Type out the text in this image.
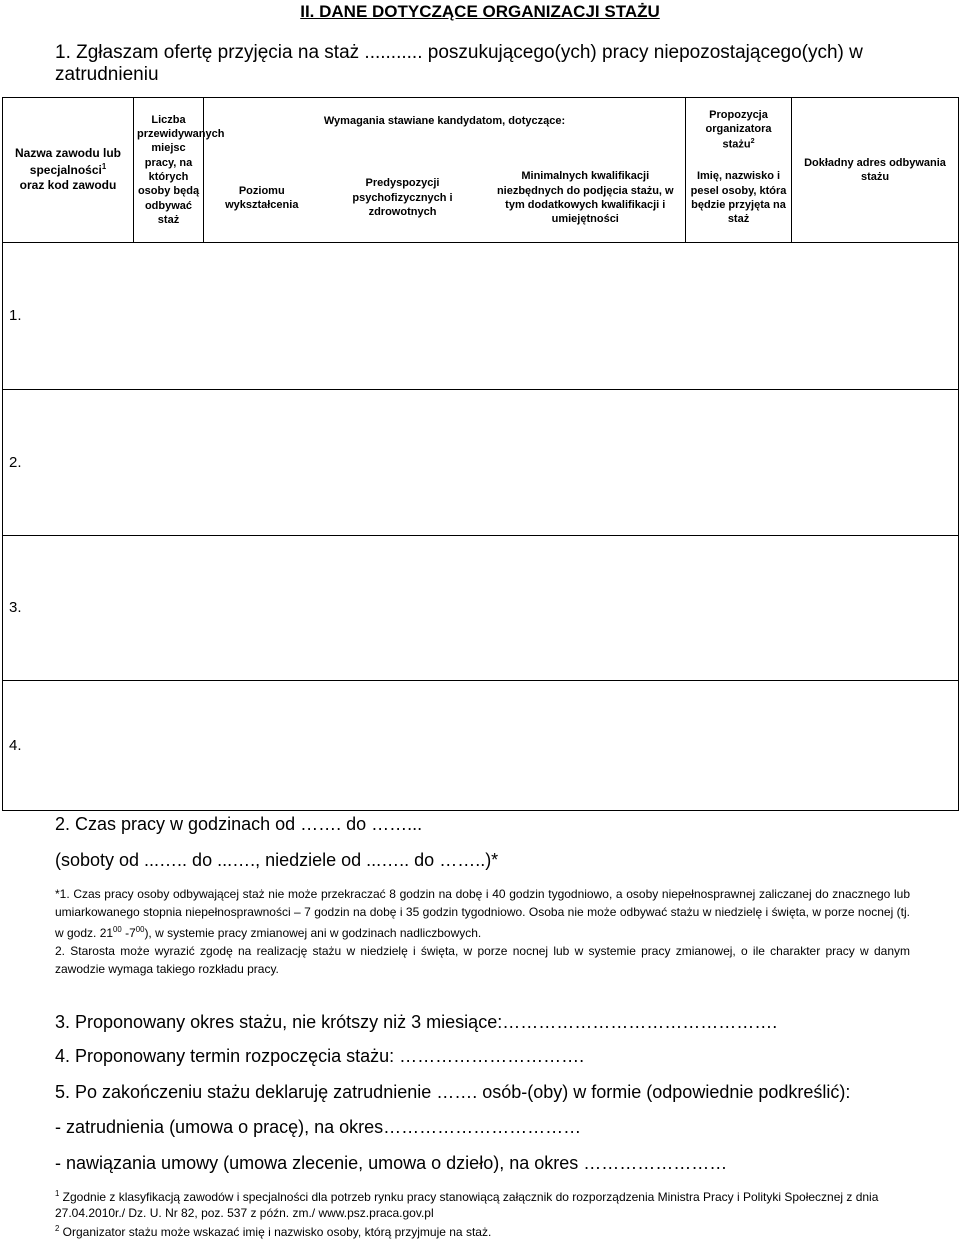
II. DANE DOTYCZĄCE ORGANIZACJI STAŻU
1. Zgłaszam ofertę przyjęcia na staż ........... poszukującego(ych) pracy niepozostającego(ych) w zatrudnieniu
Nazwa zawodu lub specjalności$^1$
oraz kod zawodu	Liczba przewidywanych miejsc pracy, na których osoby będą odbywać staż	Wymagania stawiane kandydatom, dotyczące:			Propozycja organizatora stażu$^2$	Dokładny adres odbywania stażu
		Poziomu wykształcenia	Predyspozycji psychofizycznych i zdrowotnych	Minimalnych kwalifikacji niezbędnych do podjęcia stażu, w tym dodatkowych kwalifikacji i umiejętności	Imię, nazwisko i pesel osoby, która będzie przyjęta na staż	
1.						
2.						
3.						
4.						
2. Czas pracy w godzinach od ……. do ……...
(soboty od ...….. do ...…., niedziele od ...….. do ……..)*

*1. Czas pracy osoby odbywającej staż nie może przekraczać 8 godzin na dobę i 40 godzin tygodniowo, a osoby niepełnosprawnej zaliczanej do znacznego lub umiarkowanego stopnia niepełnosprawności – 7 godzin na dobę i 35 godzin tygodniowo. Osoba nie może odbywać stażu w niedzielę i święta, w porze nocnej (tj. w godz. $21^{00}$ $-7^{00}$), w systemie pracy zmianowej ani w godzinach nadliczbowych.

2. Starosta może wyrazić zgodę na realizację stażu w niedzielę i święta, w porze nocnej lub w systemie pracy zmianowej, o ile charakter pracy w danym zawodzie wymaga takiego rozkładu pracy.

3. Proponowany okres stażu, nie krótszy niż 3 miesiące:……………………………………….
4. Proponowany termin rozpoczęcia stażu: ………………………….
5. Po zakończeniu stażu deklaruję zatrudnienie ……. osób-(oby) w formie (odpowiednie podkreślić):
- zatrudnienia (umowa o pracę), na okres……………………………
- nawiązania umowy (umowa zlecenie, umowa o dzieło), na okres ……………………

$^1$ Zgodnie z klasyfikacją zawodów i specjalności dla potrzeb rynku pracy stanowiącą załącznik do rozporządzenia Ministra Pracy i Polityki Społecznej z dnia 27.04.2010r./ Dz. U. Nr 82, poz. 537 z późn. zm./ www.psz.praca.gov.pl

$^2$ Organizator stażu może wskazać imię i nazwisko osoby, którą przyjmuje na staż.
